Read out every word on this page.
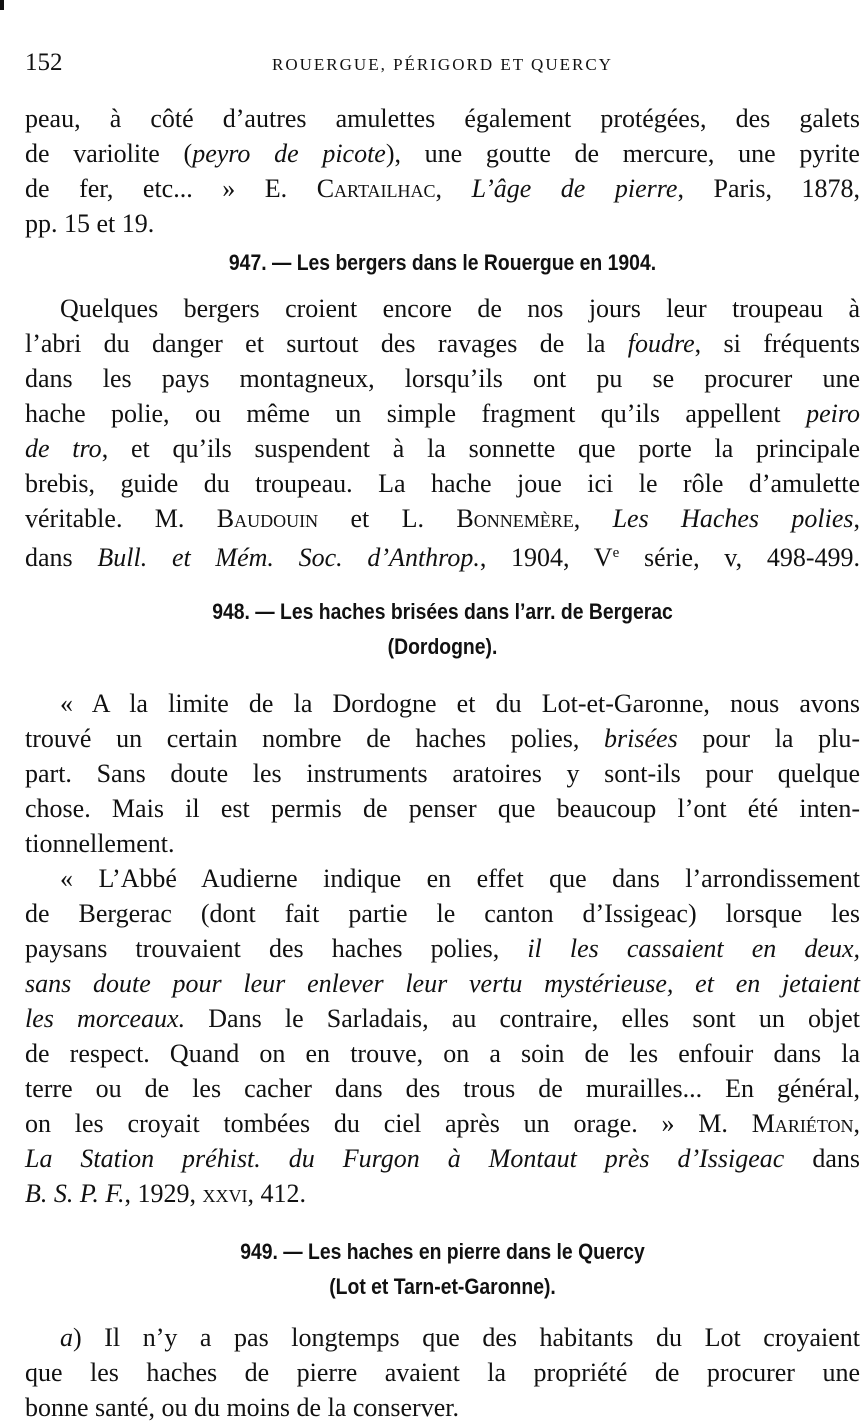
152	ROUERGUE, PÉRIGORD ET QUERCY
peau, à côté d’autres amulettes également protégées, des galets
de variolite (peyro de picote), une goutte de mercure, une pyrite
de fer, etc... » E. Cartailhac, L’âge de pierre, Paris, 1878,
pp. 15 et 19.
947. — Les bergers dans le Rouergue en 1904.
Quelques bergers croient encore de nos jours leur troupeau à
l’abri du danger et surtout des ravages de la foudre, si fréquents
dans les pays montagneux, lorsqu’ils ont pu se procurer une
hache polie, ou même un simple fragment qu’ils appellent peiro
de tro, et qu’ils suspendent à la sonnette que porte la principale
brebis, guide du troupeau. La hache joue ici le rôle d’amulette
véritable. M. Baudouin et L. Bonnemère, Les Haches polies,
dans Bull. et Mém. Soc. d’Anthrop., 1904, Ve série, v, 498-499.
948. — Les haches brisées dans l’arr. de Bergerac
(Dordogne).
« A la limite de la Dordogne et du Lot-et-Garonne, nous avons
trouvé un certain nombre de haches polies, brisées pour la plu-
part. Sans doute les instruments aratoires y sont-ils pour quelque
chose. Mais il est permis de penser que beaucoup l’ont été inten-
tionnellement.
« L’Abbé Audierne indique en effet que dans l’arrondissement
de Bergerac (dont fait partie le canton d’Issigeac) lorsque les
paysans trouvaient des haches polies, il les cassaient en deux,
sans doute pour leur enlever leur vertu mystérieuse, et en jetaient
les morceaux. Dans le Sarladais, au contraire, elles sont un objet
de respect. Quand on en trouve, on a soin de les enfouir dans la
terre ou de les cacher dans des trous de murailles... En général,
on les croyait tombées du ciel après un orage. » M. Mariéton,
La Station préhist. du Furgon à Montaut près d’Issigeac dans
B. S. P. F., 1929, xxvi, 412.
949. — Les haches en pierre dans le Quercy
(Lot et Tarn-et-Garonne).
a) Il n’y a pas longtemps que des habitants du Lot croyaient
que les haches de pierre avaient la propriété de procurer une
bonne santé, ou du moins de la conserver.
